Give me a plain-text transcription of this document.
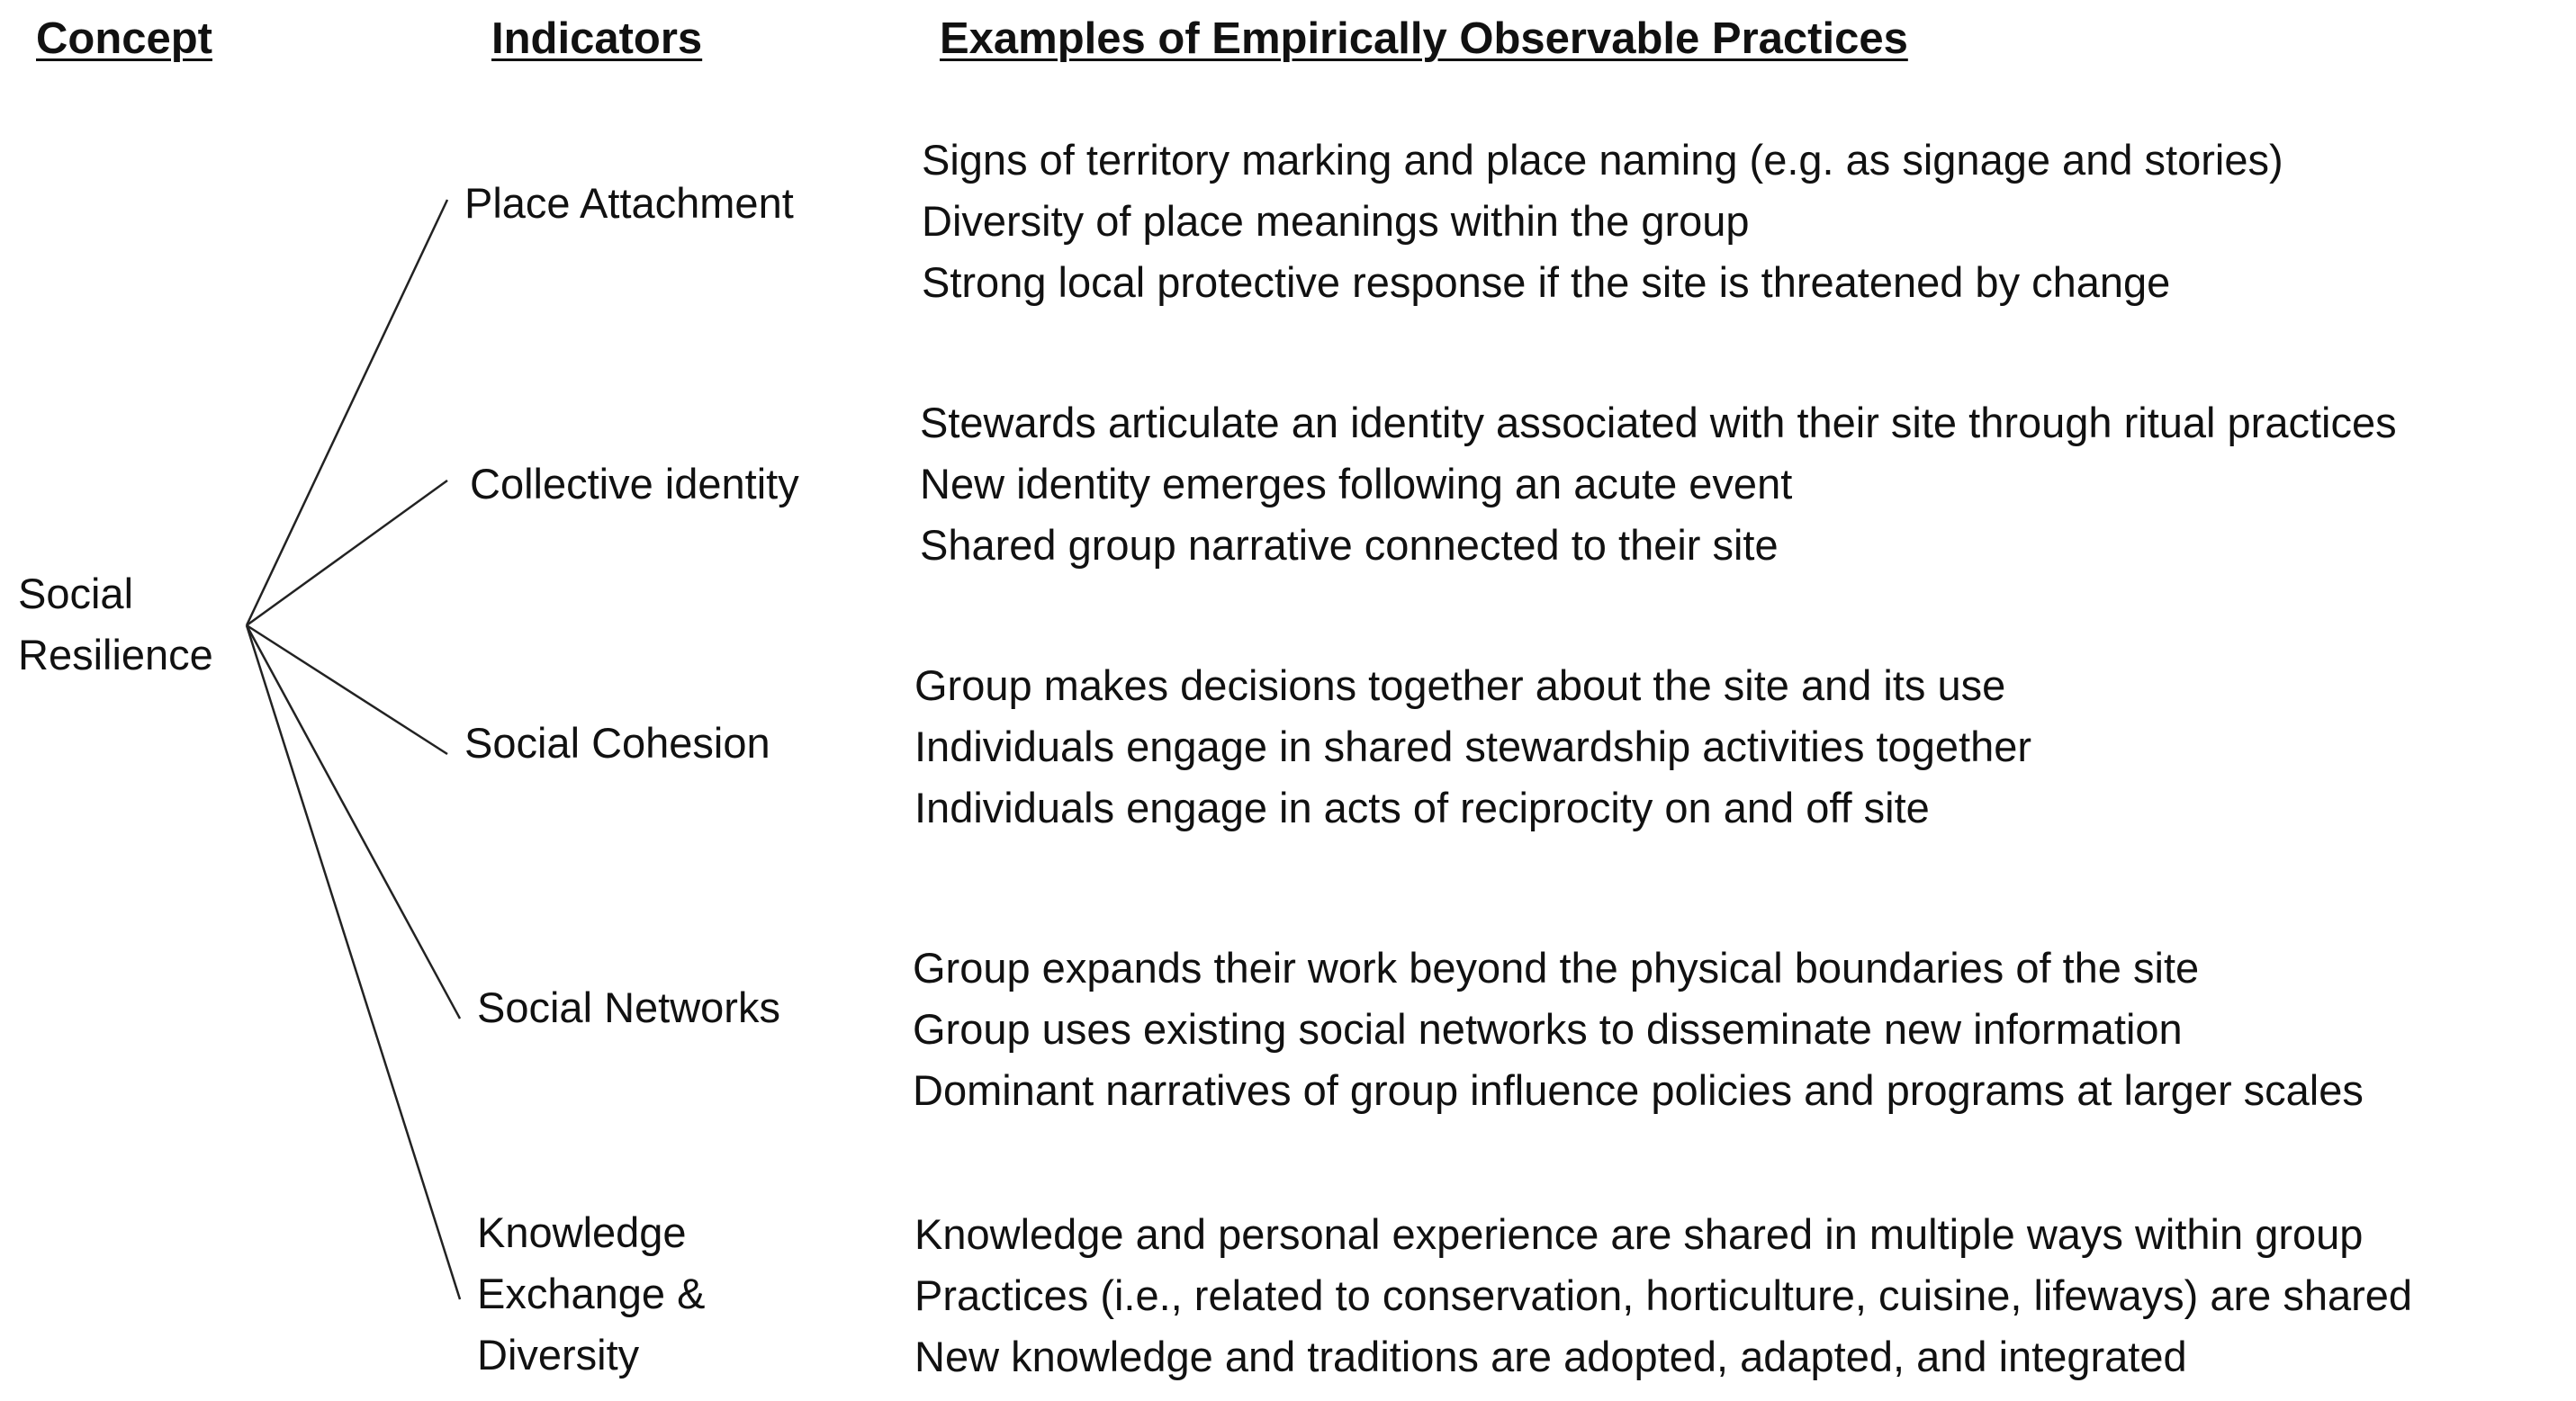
Concept	Indicators	Examples of Empirically Observable Practices
Social
Resilience
Place Attachment
Collective identity
Social Cohesion
Social Networks
Knowledge
Exchange &
Diversity
Signs of territory marking and place naming (e.g. as signage and stories)
Diversity of place meanings within the group
Strong local protective response if the site is threatened by change
Stewards articulate an identity associated with their site through ritual practices
New identity emerges following an acute event
Shared group narrative connected to their site
Group makes decisions together about the site and its use
Individuals engage in shared stewardship activities together
Individuals engage in acts of reciprocity on and off site
Group expands their work beyond the physical boundaries of the site
Group uses existing social networks to disseminate new information
Dominant narratives of group influence policies and programs at larger scales
Knowledge and personal experience are shared in multiple ways within group
Practices (i.e., related to conservation, horticulture, cuisine, lifeways) are shared
New knowledge and traditions are adopted, adapted, and integrated
